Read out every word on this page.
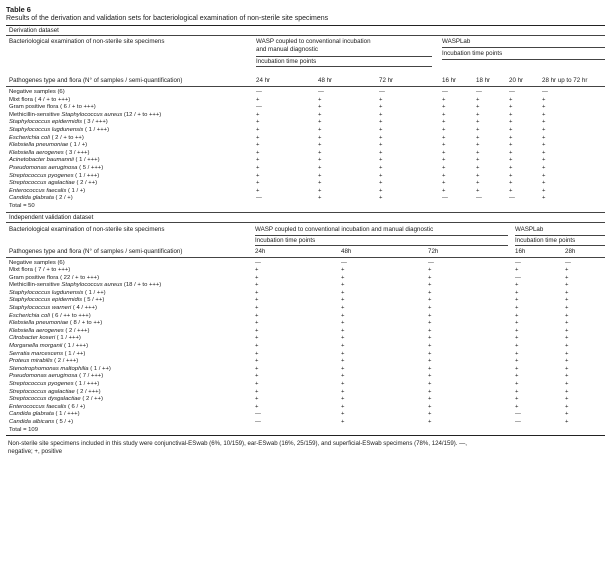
Table 6
Results of the derivation and validation sets for bacteriological examination of non-sterile site specimens
Derivation dataset
Bacteriological examination of non-sterile site specimens	WASP coupled to conventional incubation
and manual diagnostic
WASPLab
Incubation time points
Incubation time points
Pathogenes type and flora (N° of samples / semi-quantification)	24 hr	48 hr	72 hr	16 hr	18 hr	20 hr	28 hr up to 72 hr
Negative samples (6)	—	—	—	—	—	—	—
Mixt flora ( 4 / + to +++)	+	+	+	+	+	+	+
Gram positive flora ( 6 / + to +++)	—	+	+	+	+	+	+
Methicillin-sensitive Staphylococcus aureus (12 / + to +++)	+	+	+	+	+	+	+
Staphylococcus epidermidis ( 3 / +++)	+	+	+	+	+	+	+
Staphylococcus lugdunensis ( 1 / +++)	+	+	+	+	+	+	+
Escherichia coli ( 2 / + to ++)	+	+	+	+	+	+	+
Klebsiella pneumoniae ( 1 / +)	+	+	+	+	+	+	+
Klebsiella aerogenes ( 3 / +++)	+	+	+	+	+	+	+
Acinetobacter baumannii ( 1 / +++)	+	+	+	+	+	+	+
Pseudomonas aeruginosa ( 5 / +++)	+	+	+	+	+	+	+
Streptococcus pyogenes ( 1 / +++)	+	+	+	+	+	+	+
Streptococcus agalactiae ( 2 / ++)	+	+	+	+	+	+	+
Enterococcus faecalis ( 1 / +)	+	+	+	+	+	+	+
Candida glabrata ( 2 / +)	—	+	+	—	—	—	+
Total = 50
Independent validation dataset
Bacteriological examination of non-sterile site specimens	WASP coupled to conventional incubation and manual diagnostic	WASPLab
Incubation time points	Incubation time points
Pathogenes type and flora (N° of samples / semi-quantification)	24h	48h	72h	16h	28h
Negative samples (6)	—	—	—	—	—
Mixt flora ( 7 / + to +++)	+	+	+	+	+
Gram positive flora ( 22 / + to +++)	+	+	+	—	+
Methicillin-sensitive Staphylococcus aureus (18 / + to +++)	+	+	+	+	+
Staphylococcus lugdunensis ( 1 / ++)	+	+	+	+	+
Staphylococcus epidermidis ( 5 / ++)	+	+	+	+	+
Staphylococcus warneri ( 4 / +++)	+	+	+	+	+
Escherichia coli ( 6 / ++ to +++)	+	+	+	+	+
Klebsiella pneumoniae ( 8 / + to ++)	+	+	+	+	+
Klebsiella aerogenes ( 2 / +++)	+	+	+	+	+
Citrobacter koseri ( 1 / +++)	+	+	+	+	+
Morganella morganii ( 1 / +++)	+	+	+	+	+
Serratia marcescens ( 1 / ++)	+	+	+	+	+
Proteus mirabilis ( 2 / +++)	+	+	+	+	+
Stenotrophomonas maltophilia ( 1 / ++)	+	+	+	+	+
Pseudomonas aeruginosa ( 7 / +++)	+	+	+	+	+
Streptococcus pyogenes ( 1 / +++)	+	+	+	+	+
Streptococcus agalactiae ( 2 / +++)	+	+	+	+	+
Streptococcus dysgalactiae ( 2 / ++)	+	+	+	+	+
Enterococcus faecalis ( 6 / +)	+	+	+	+	+
Candida glabrata ( 1 / +++)	—	+	+	—	+
Candida albicans ( 5 / +)	—	+	+	—	+
Total = 109
Non-sterile site specimens included in this study were conjunctival-ESwab (6%, 10/159), ear-ESwab (16%, 25/159), and superficial-ESwab specimens (78%, 124/159). —,
negative; +, positive
